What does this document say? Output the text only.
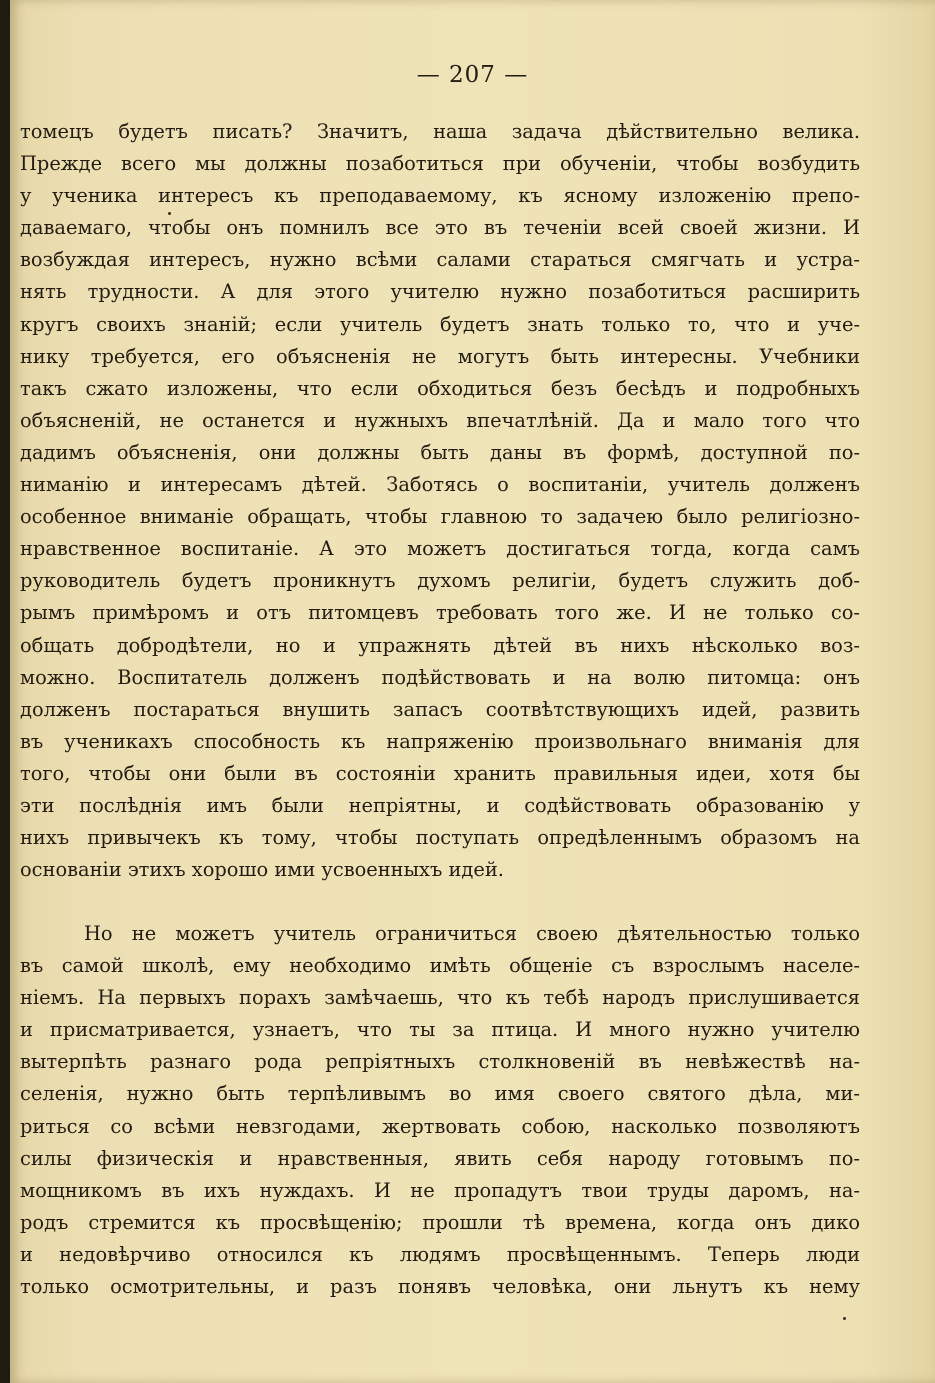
— 207 —
томецъ будетъ писать? Значитъ, наша задача дѣйствительно велика.
Прежде всего мы должны позаботиться при обученiи, чтобы возбудить
у ученика интересъ къ преподаваемому, къ ясному изложенiю препо-
даваемаго, чтобы онъ помнилъ все это въ теченiи всей своей жизни. И
возбуждая интересъ, нужно всѣми салами стараться смягчать и устра-
нять трудности. А для этого учителю нужно позаботиться расширить
кругъ своихъ знанiй; если учитель будетъ знать только то, что и уче-
нику требуется, его объясненiя не могутъ быть интересны. Учебники
такъ сжато изложены, что если обходиться безъ бесѣдъ и подробныхъ
объясненiй, не останется и нужныхъ впечатлѣнiй. Да и мало того что
дадимъ объясненiя, они должны быть даны въ формѣ, доступной по-
ниманiю и интересамъ дѣтей. Заботясь о воспитанiи, учитель долженъ
особенное вниманiе обращать, чтобы главною то задачею было религiозно-
нравственное воспитанiе. А это можетъ достигаться тогда, когда самъ
руководитель будетъ проникнутъ духомъ религiи, будетъ служить доб-
рымъ примѣромъ и отъ питомцевъ требовать того же. И не только со-
общать добродѣтели, но и упражнять дѣтей въ нихъ нѣсколько воз-
можно. Воспитатель долженъ подѣйствовать и на волю питомца: онъ
долженъ постараться внушить запасъ соотвѣтствующихъ идей, развить
въ ученикахъ способность къ напряженiю произвольнаго вниманiя для
того, чтобы они были въ состоянiи хранить правильныя идеи, хотя бы
эти послѣднiя имъ были непрiятны, и содѣйствовать образованiю у
нихъ привычекъ къ тому, чтобы поступать опредѣленнымъ образомъ на
основанiи этихъ хорошо ими усвоенныхъ идей.
Но не можетъ учитель ограничиться своею дѣятельностью только
въ самой школѣ, ему необходимо имѣть общенiе съ взрослымъ населе-
нiемъ. На первыхъ порахъ замѣчаешь, что къ тебѣ народъ прислушивается
и присматривается, узнаетъ, что ты за птица. И много нужно учителю
вытерпѣть разнаго рода репрiятныхъ столкновенiй въ невѣжествѣ на-
селенiя, нужно быть терпѣливымъ во имя своего святого дѣла, ми-
риться со всѣми невзгодами, жертвовать собою, насколько позволяютъ
силы физическiя и нравственныя, явить себя народу готовымъ по-
мощникомъ въ ихъ нуждахъ. И не пропадутъ твои труды даромъ, на-
родъ стремится къ просвѣщенiю; прошли тѣ времена, когда онъ дико
и недовѣрчиво относился къ людямъ просвѣщеннымъ. Теперь люди
только осмотрительны, и разъ понявъ человѣка, они льнутъ къ нему
